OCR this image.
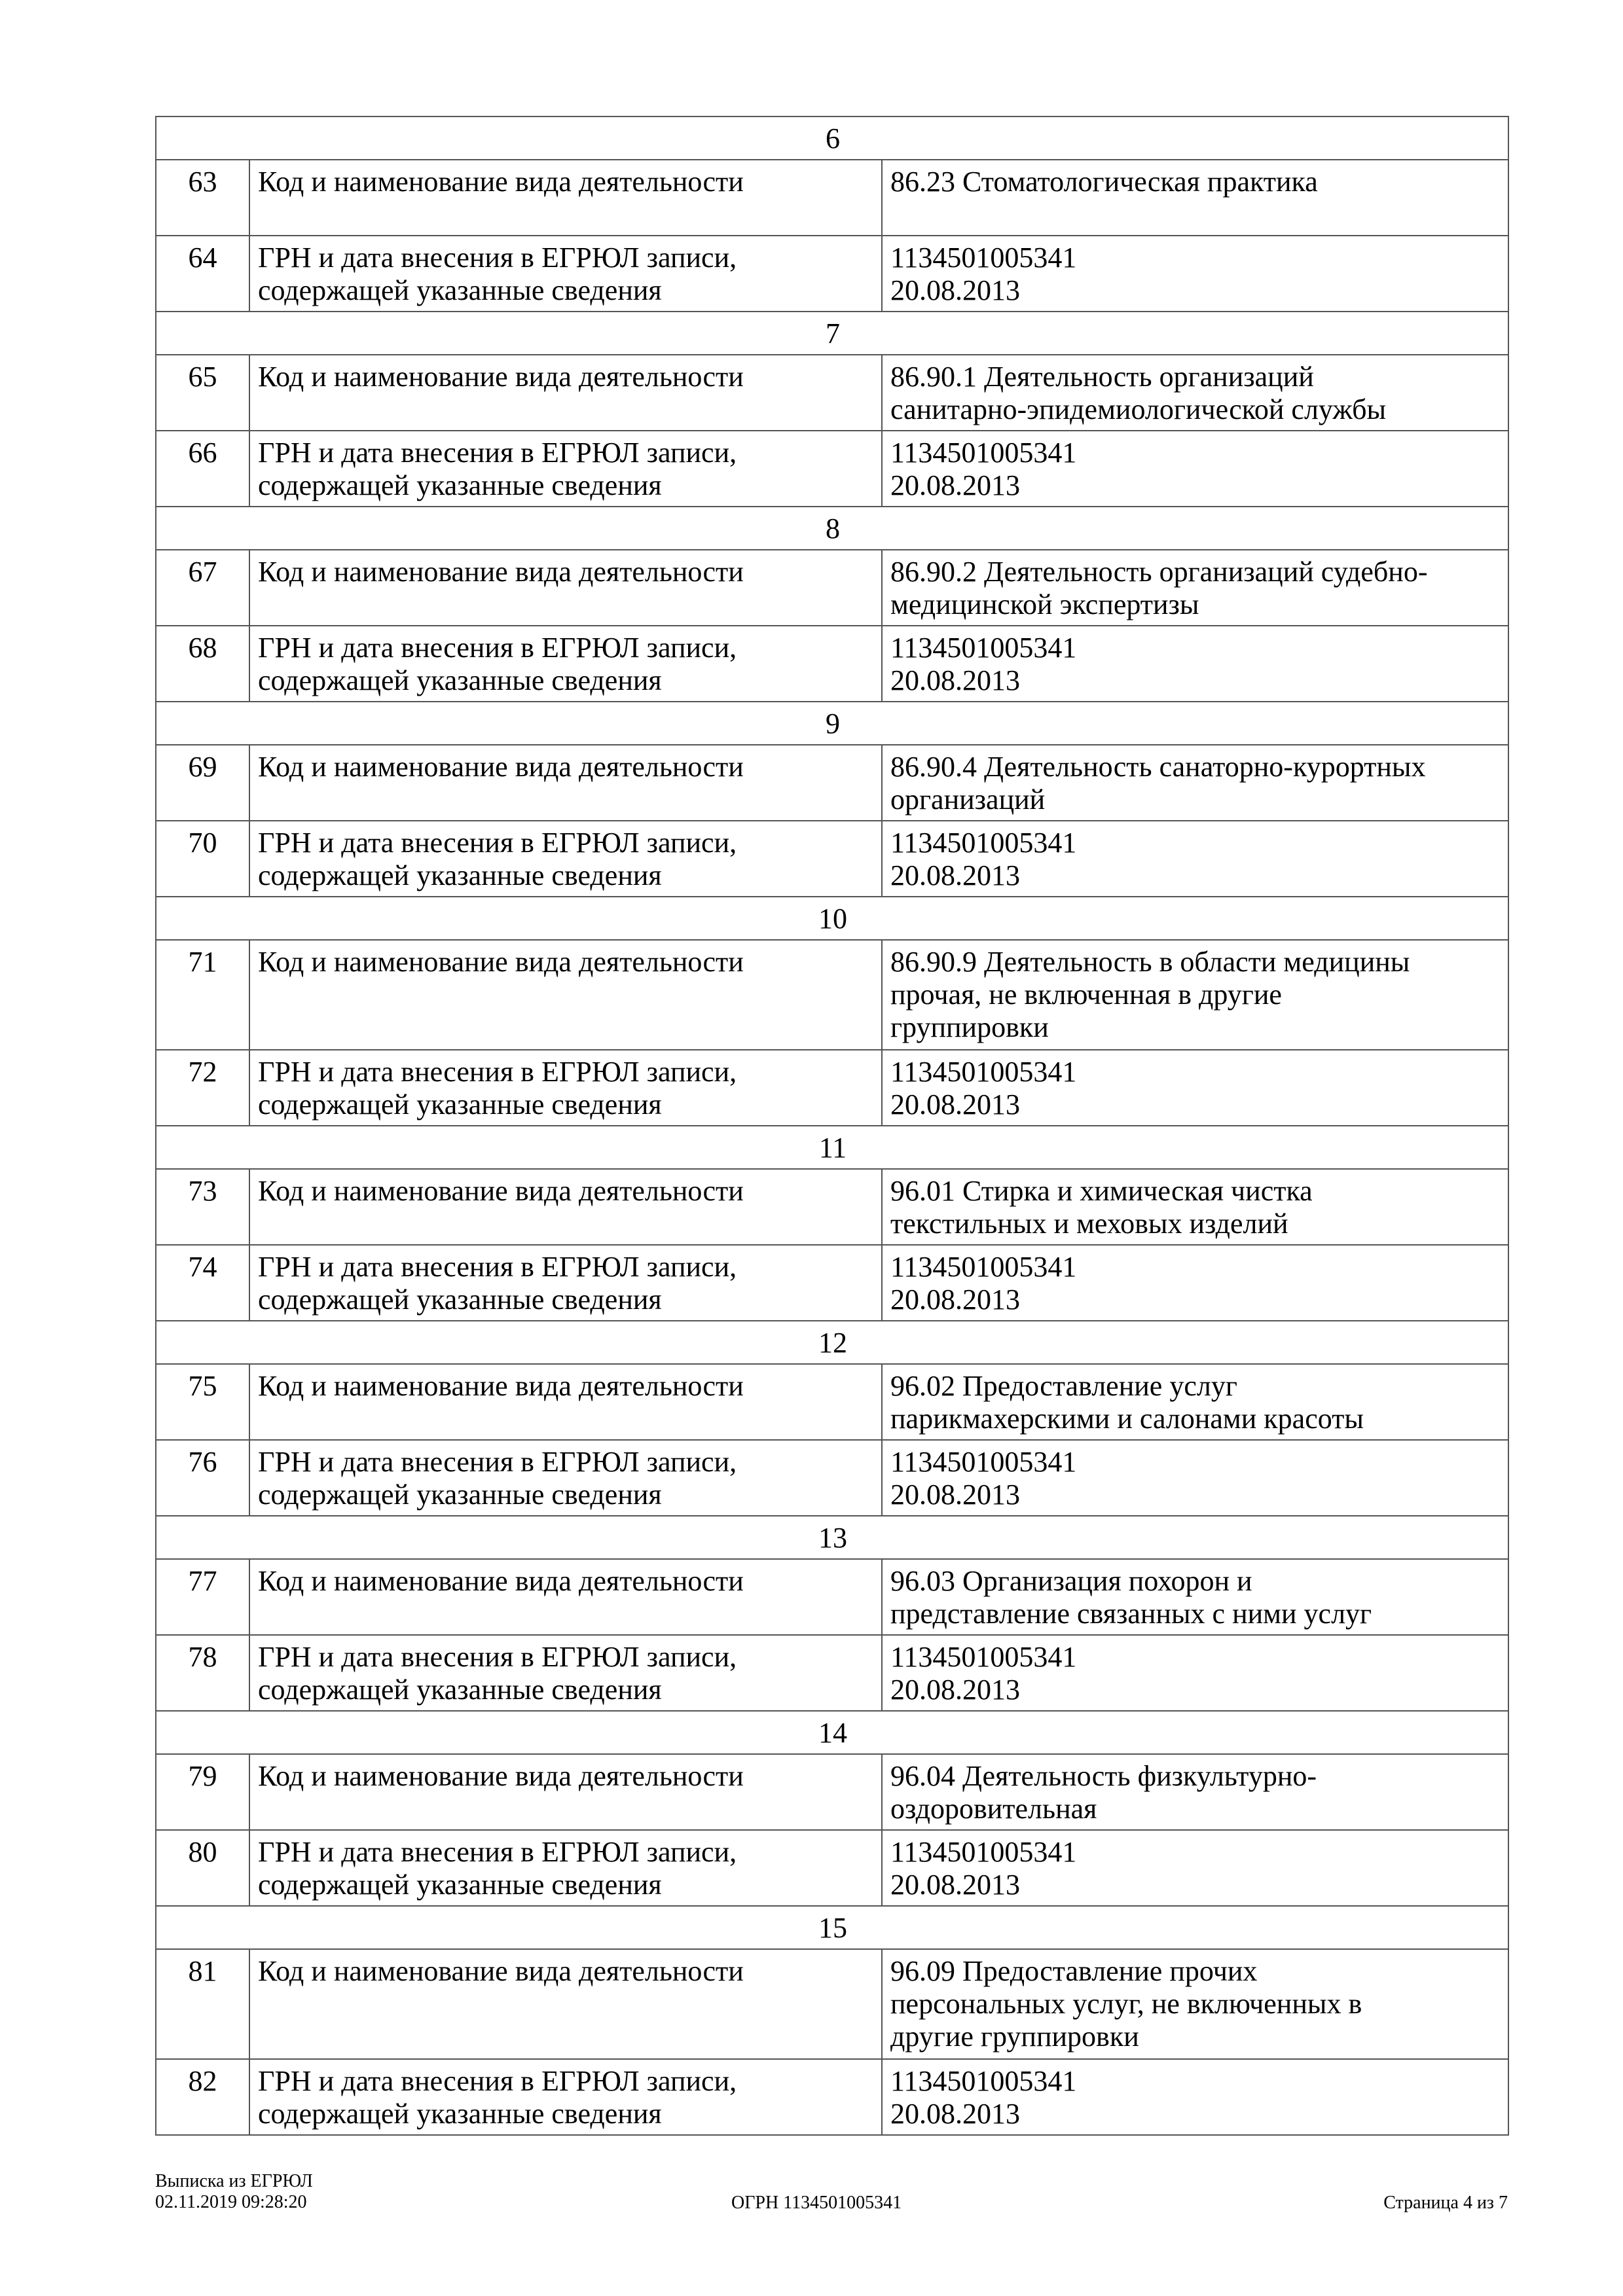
6		
63	Код и наименование вида деятельности	86.23 Стоматологическая практика
64	ГРН и дата внесения в ЕГРЮЛ записи,
содержащей указанные сведения	1134501005341
20.08.2013
7		
65	Код и наименование вида деятельности	86.90.1 Деятельность организаций
санитарно-эпидемиологической службы
66	ГРН и дата внесения в ЕГРЮЛ записи,
содержащей указанные сведения	1134501005341
20.08.2013
8		
67	Код и наименование вида деятельности	86.90.2 Деятельность организаций судебно-
медицинской экспертизы
68	ГРН и дата внесения в ЕГРЮЛ записи,
содержащей указанные сведения	1134501005341
20.08.2013
9		
69	Код и наименование вида деятельности	86.90.4 Деятельность санаторно-курортных
организаций
70	ГРН и дата внесения в ЕГРЮЛ записи,
содержащей указанные сведения	1134501005341
20.08.2013
10		
71	Код и наименование вида деятельности	86.90.9 Деятельность в области медицины
прочая, не включенная в другие
группировки
72	ГРН и дата внесения в ЕГРЮЛ записи,
содержащей указанные сведения	1134501005341
20.08.2013
11		
73	Код и наименование вида деятельности	96.01 Стирка и химическая чистка
текстильных и меховых изделий
74	ГРН и дата внесения в ЕГРЮЛ записи,
содержащей указанные сведения	1134501005341
20.08.2013
12		
75	Код и наименование вида деятельности	96.02 Предоставление услуг
парикмахерскими и салонами красоты
76	ГРН и дата внесения в ЕГРЮЛ записи,
содержащей указанные сведения	1134501005341
20.08.2013
13		
77	Код и наименование вида деятельности	96.03 Организация похорон и
представление связанных с ними услуг
78	ГРН и дата внесения в ЕГРЮЛ записи,
содержащей указанные сведения	1134501005341
20.08.2013
14		
79	Код и наименование вида деятельности	96.04 Деятельность физкультурно-
оздоровительная
80	ГРН и дата внесения в ЕГРЮЛ записи,
содержащей указанные сведения	1134501005341
20.08.2013
15		
81	Код и наименование вида деятельности	96.09 Предоставление прочих
персональных услуг, не включенных в
другие группировки
82	ГРН и дата внесения в ЕГРЮЛ записи,
содержащей указанные сведения	1134501005341
20.08.2013
Выписка из ЕГРЮЛ
02.11.2019 09:28:20	ОГРН 1134501005341	Страница 4 из 7
